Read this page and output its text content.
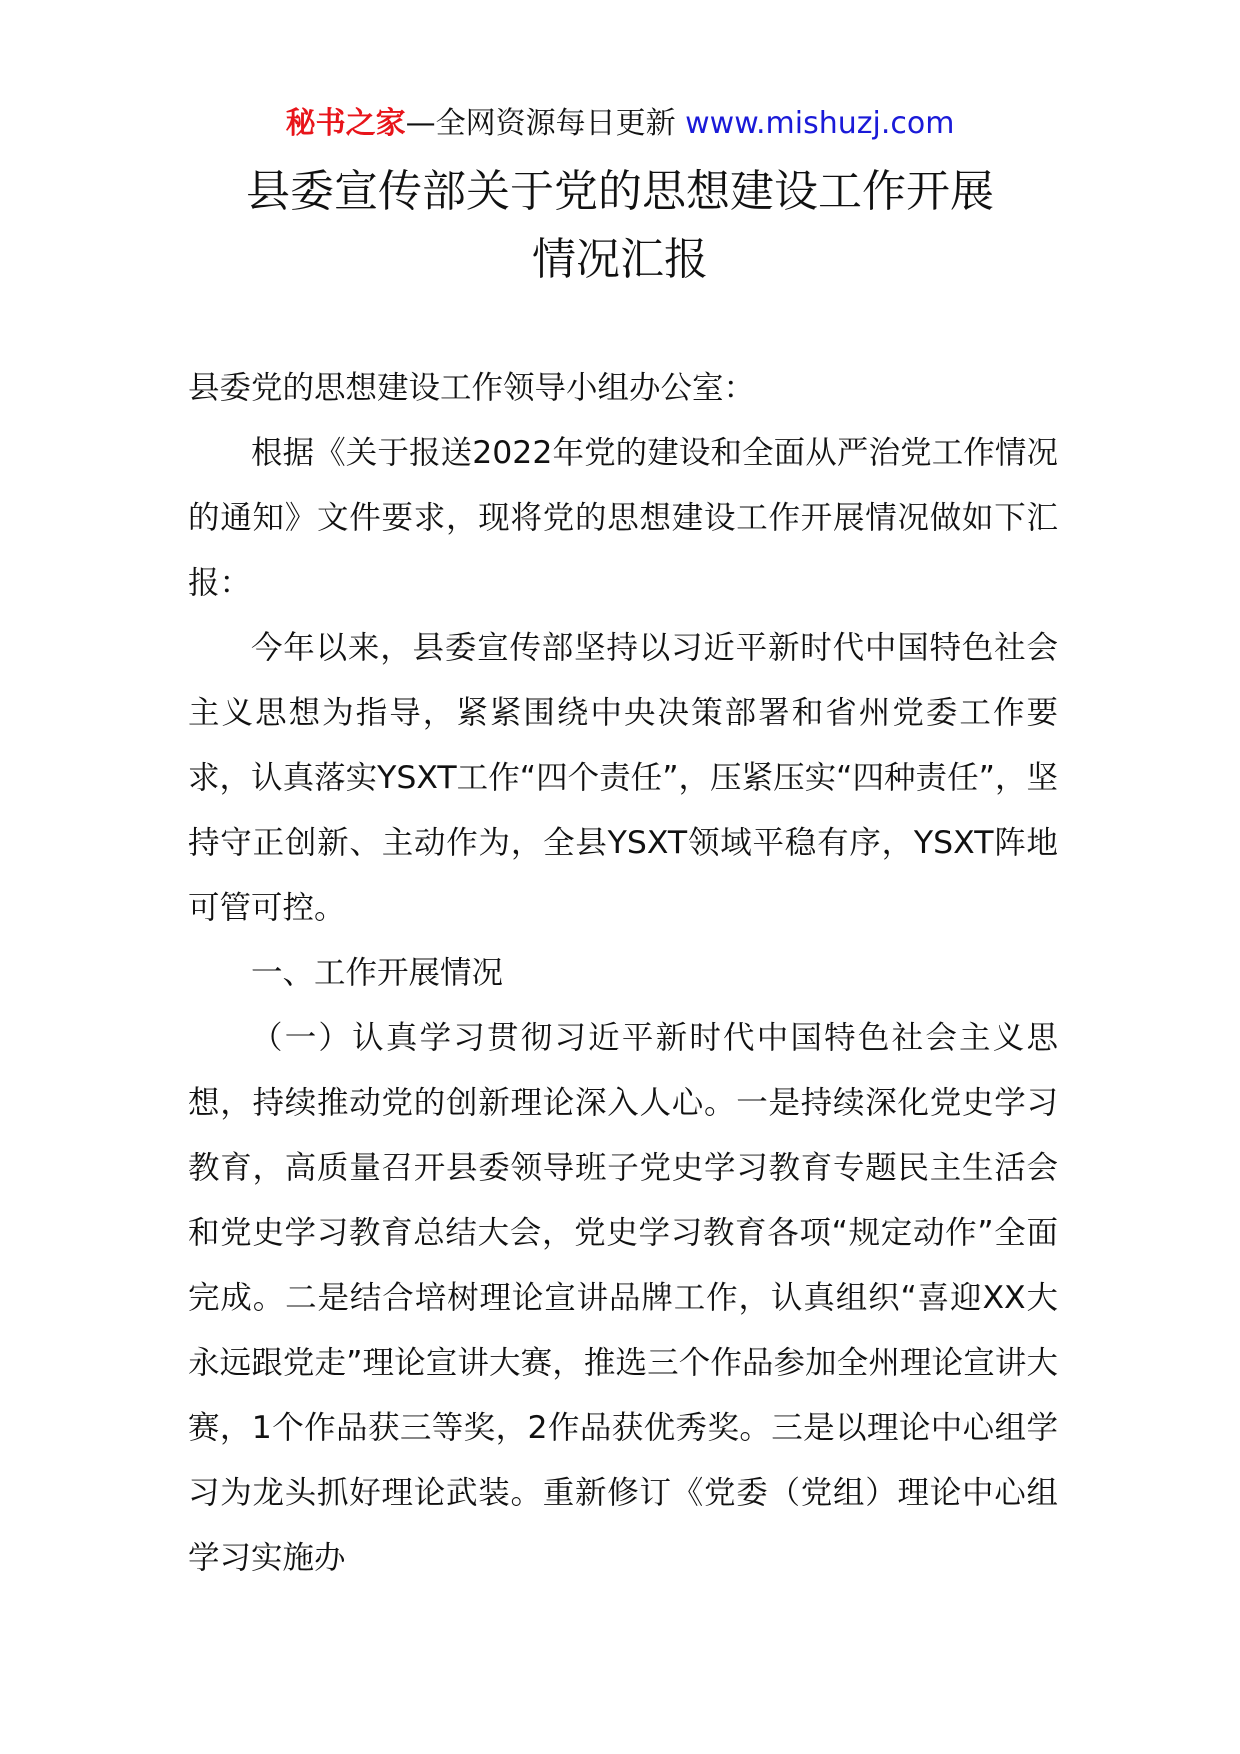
秘书之家—全网资源每日更新 www.mishuzj.com
县委宣传部关于党的思想建设工作开展
情况汇报

县委党的思想建设工作领导小组办公室：

根据《关于报送2022年党的建设和全面从严治党工作情况的通知》文件要求，现将党的思想建设工作开展情况做如下汇报：

今年以来，县委宣传部坚持以习近平新时代中国特色社会主义思想为指导，紧紧围绕中央决策部署和省州党委工作要求，认真落实YSXT工作“四个责任”，压紧压实“四种责任”，坚持守正创新、主动作为，全县YSXT领域平稳有序，YSXT阵地可管可控。

一、工作开展情况

（一）认真学习贯彻习近平新时代中国特色社会主义思想，持续推动党的创新理论深入人心。一是持续深化党史学习教育，高质量召开县委领导班子党史学习教育专题民主生活会和党史学习教育总结大会，党史学习教育各项“规定动作”全面完成。二是结合培树理论宣讲品牌工作，认真组织“喜迎XX大永远跟党走”理论宣讲大赛，推选三个作品参加全州理论宣讲大赛，1个作品获三等奖，2作品获优秀奖。三是以理论中心组学习为龙头抓好理论武装。重新修订《党委（党组）理论中心组学习实施办
